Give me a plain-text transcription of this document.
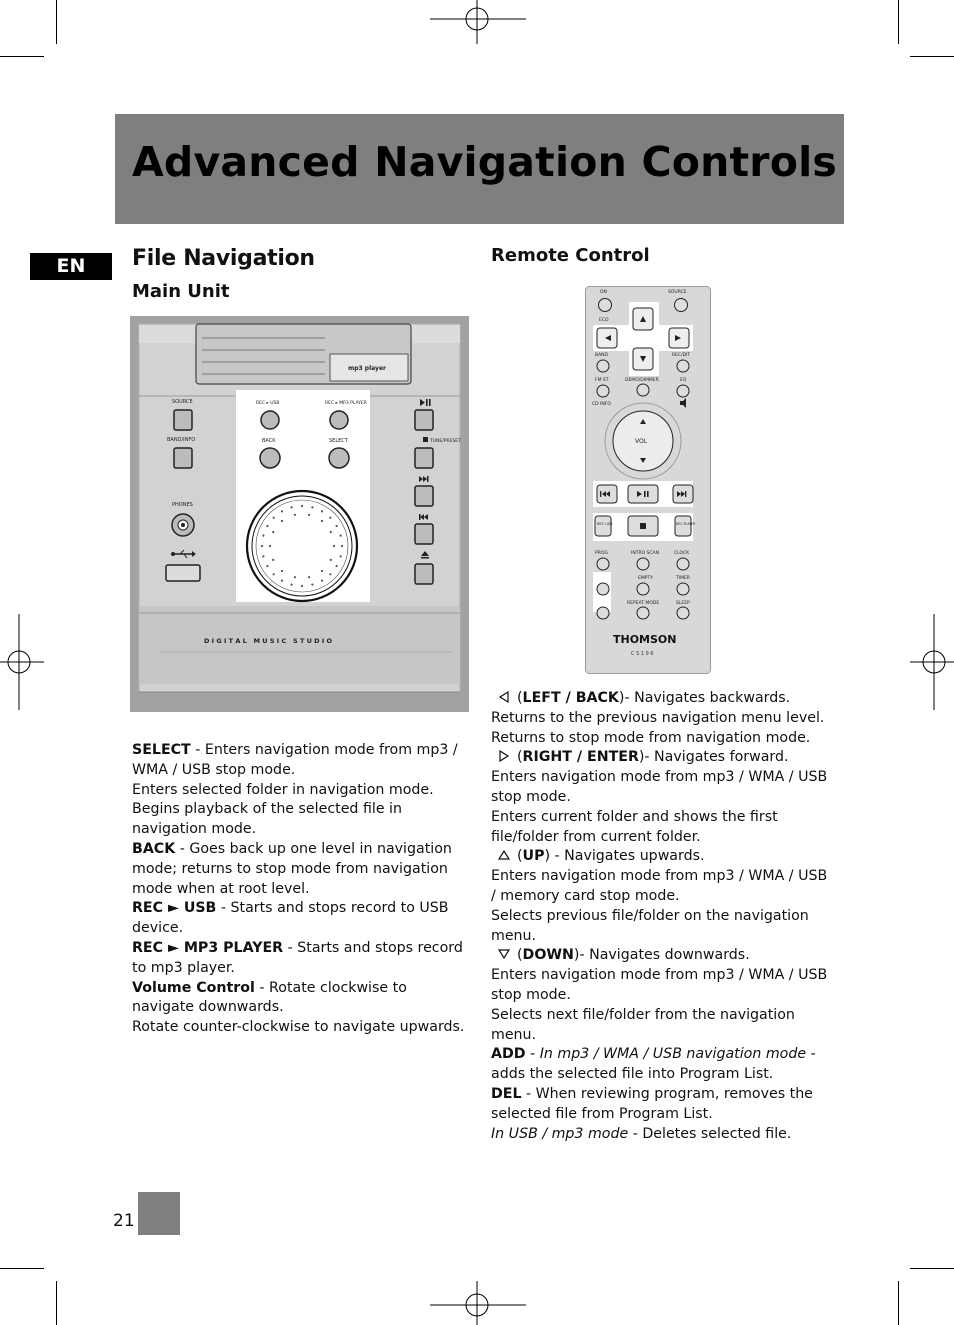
Advanced Navigation Controls
EN	File Navigation
Main Unit
Remote Control
mp3 player
SOURCE
BAND/INFO
PHONES
REC ▸ USB	REC ▸ MP3 PLAYER
BACK	SELECT	TUNE/PRESET
D I G I T A L   M U S I C   S T U D I O
ON	SOURCE
ECO
BAND	REC/DIT
FM ST	DEMO/DIMMER	EQ
CD INFO
PROG	INTRO SCAN	CLOCK
EMPTY	TIMER
REPEAT MODE	SLEEP
VOL
REC USB	REC PLAYER
THOMSON
C S 1 9 6

SELECT - Enters navigation mode from mp3 / WMA / USB stop mode.

Enters selected folder in navigation mode.

Begins playback of the selected file in navigation mode.

BACK - Goes back up one level in navigation mode; returns to stop mode from navigation mode when at root level.

REC ► USB - Starts and stops record to USB device.

REC ► MP3 PLAYER - Starts and stops record to mp3 player.

Volume Control - Rotate clockwise to navigate downwards.

Rotate counter-clockwise to navigate upwards.

(LEFT / BACK)- Navigates backwards.

Returns to the previous navigation menu level.

Returns to stop mode from navigation mode.

(RIGHT / ENTER)- Navigates forward.

Enters navigation mode from mp3 / WMA / USB stop mode.

Enters current folder and shows the first file/folder from current folder.

(UP) - Navigates upwards.

Enters navigation mode from mp3 / WMA / USB / memory card stop mode.

Selects previous file/folder on the navigation menu.

(DOWN)- Navigates downwards.

Enters navigation mode from mp3 / WMA / USB stop mode.

Selects next file/folder from the navigation menu.

ADD - In mp3 / WMA / USB navigation mode - adds the selected file into Program List.

DEL - When reviewing program, removes the selected file from Program List.

In USB / mp3 mode - Deletes selected file.

21
